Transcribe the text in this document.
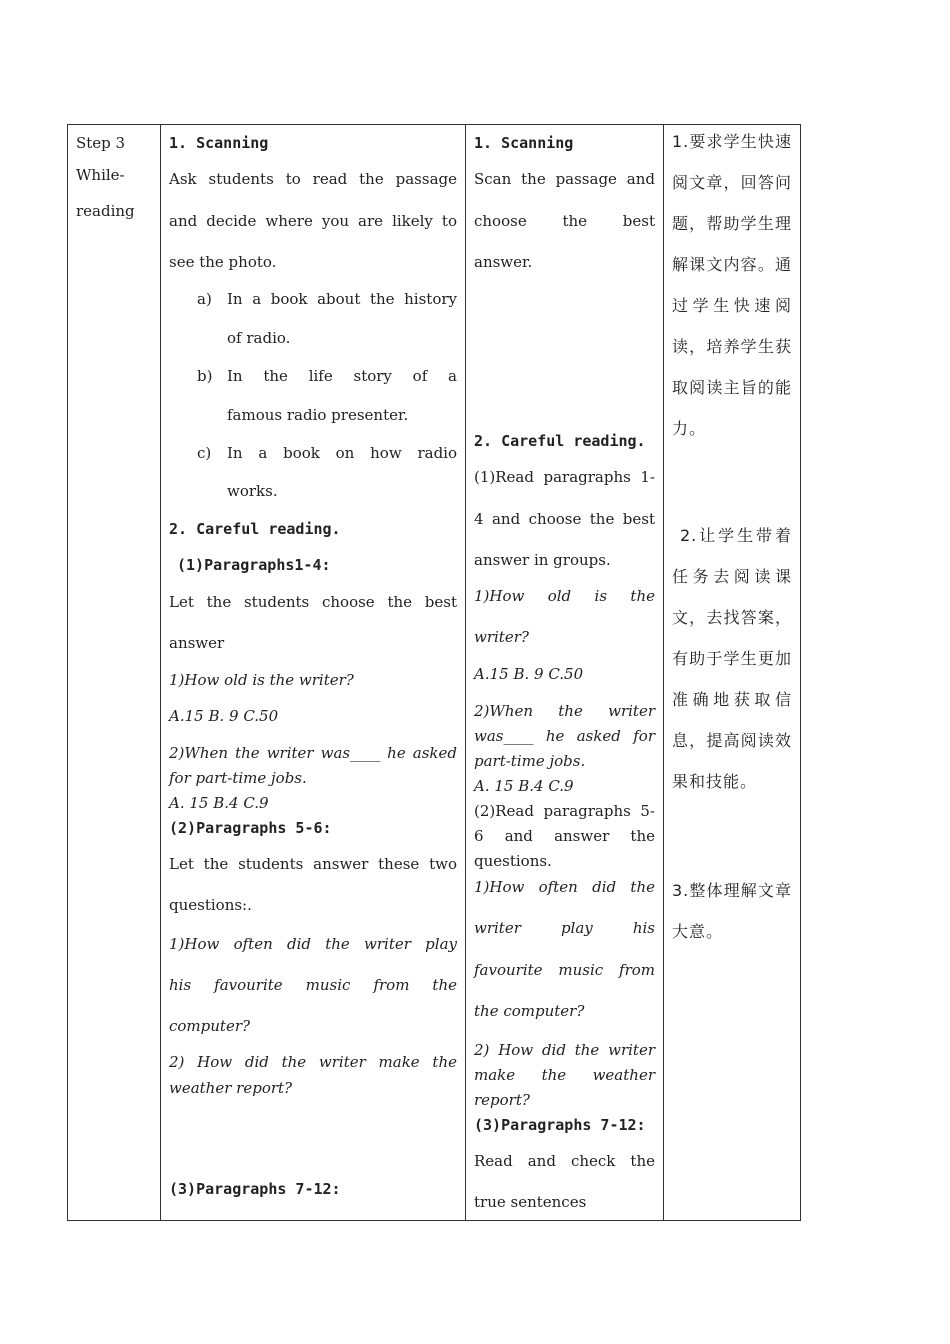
Step 3
While-
reading

1. Scanning
Ask students to read the passage
and decide where you are likely to
see the photo.
a) In a book about the history
of radio.
b) In the life story of a
famous radio presenter.
c) In a book on how radio
works.
2. Careful reading.
(1)Paragraphs1-4:
Let the students choose the best
answer
1)How old is the writer?
A.15 B. 9 C.50
2)When the writer was____ he asked
for part-time jobs.
A. 15 B.4 C.9
(2)Paragraphs 5-6:
Let the students answer these two
questions:.
1)How often did the writer play
his favourite music from the
computer?
2) How did the writer make the
weather report?
(3)Paragraphs 7-12:

1. Scanning
Scan the passage and
choose the best
answer.
2. Careful reading.
(1)Read paragraphs 1-
4 and choose the best
answer in groups.
1)How old is the
writer?
A.15 B. 9 C.50
2)When the writer
was____ he asked for
part-time jobs.
A. 15 B.4 C.9
(2)Read paragraphs 5-
6 and answer the
questions.
1)How often did the
writer play his
favourite music from
the computer?
2) How did the writer
make the weather
report?
(3)Paragraphs 7-12:
Read and check the
true sentences

1.要求学生快速阅文章，回答问题，帮助学生理解课文内容。通过学生快速阅读，培养学生获取阅读主旨的能力。
2.让学生带着任务去阅读课文，去找答案，有助于学生更加准确地获取信息，提高阅读效果和技能。
3.整体理解文章大意。
